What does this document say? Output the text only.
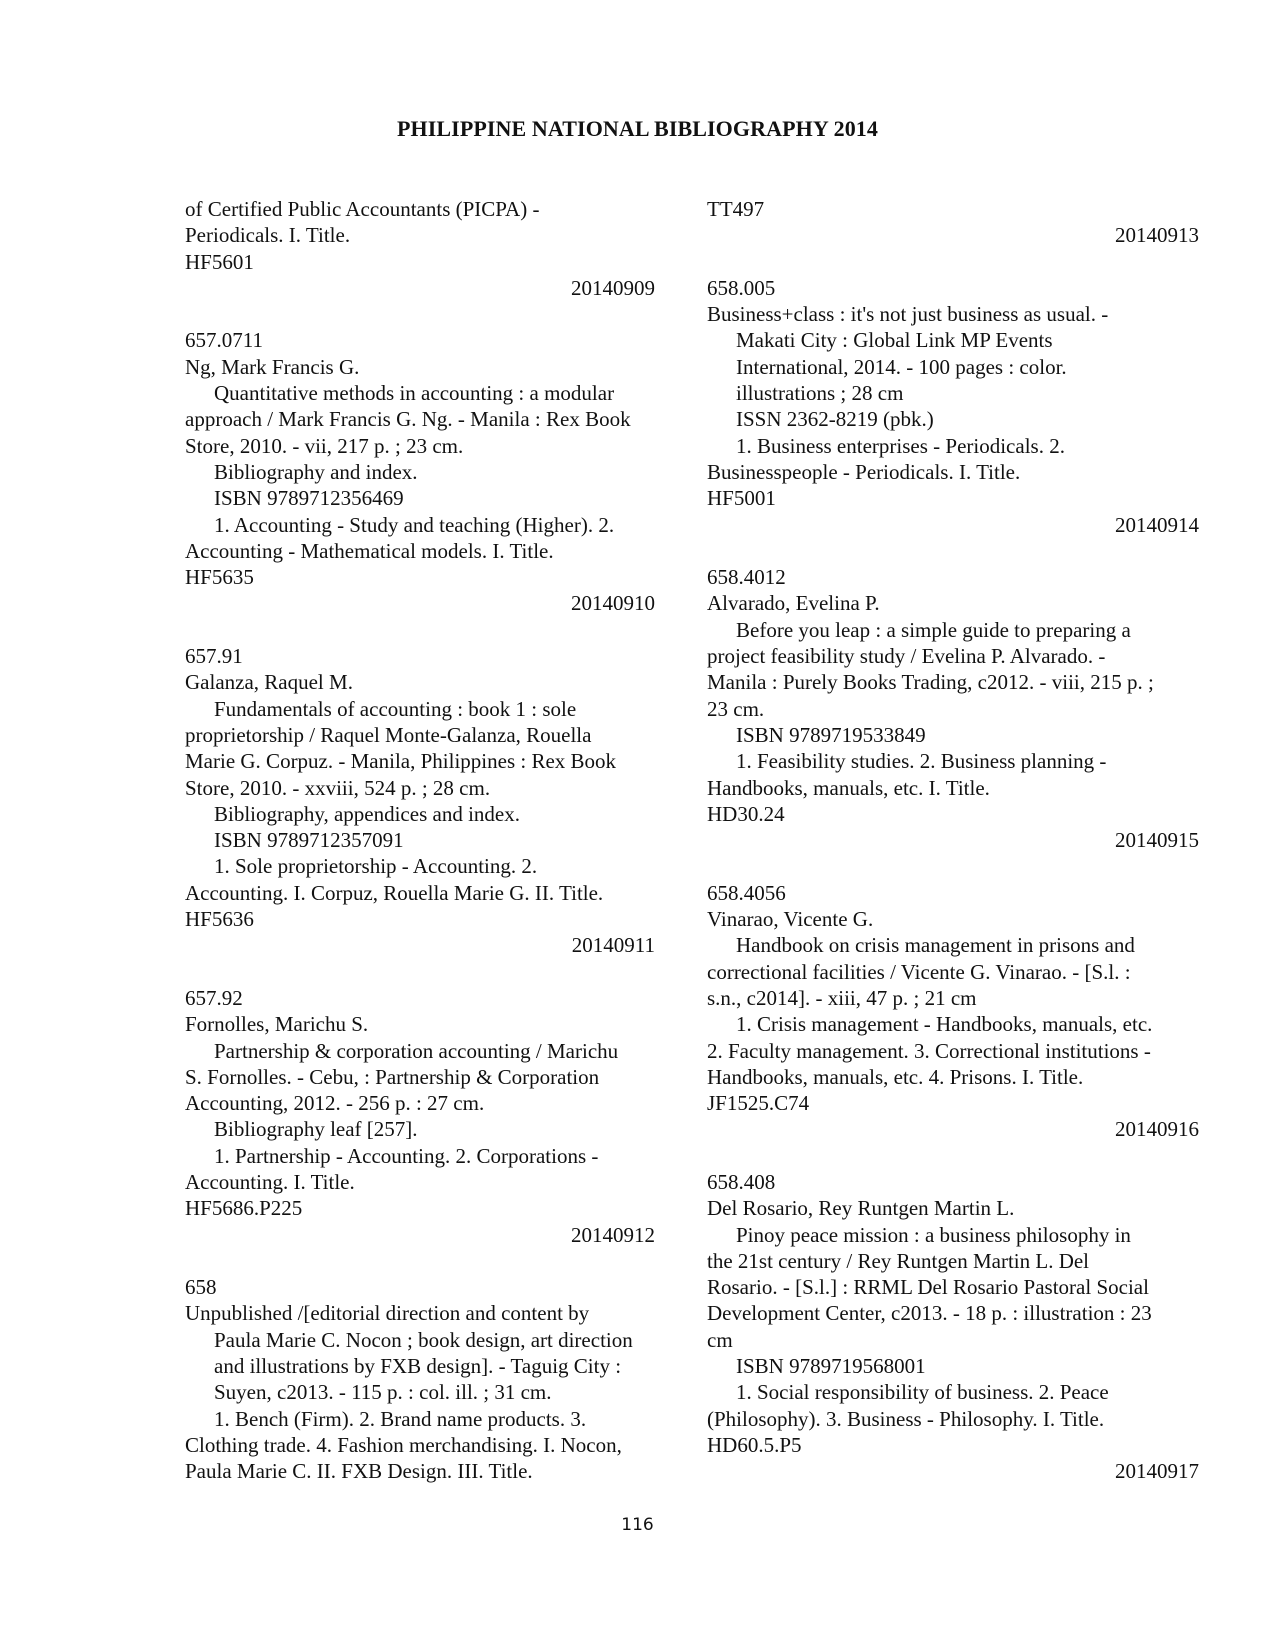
PHILIPPINE NATIONAL BIBLIOGRAPHY 2014
of Certified Public Accountants (PICPA) -
Periodicals. I. Title.
HF5601
20140909
657.0711
Ng, Mark Francis G.
Quantitative methods in accounting : a modular
approach / Mark Francis G. Ng. - Manila : Rex Book
Store, 2010. - vii, 217 p. ; 23 cm.
Bibliography and index.
ISBN 9789712356469
1. Accounting - Study and teaching (Higher). 2.
Accounting - Mathematical models. I. Title.
HF5635
20140910
657.91
Galanza, Raquel M.
Fundamentals of accounting : book 1 : sole
proprietorship / Raquel Monte-Galanza, Rouella
Marie G. Corpuz. - Manila, Philippines : Rex Book
Store, 2010. - xxviii, 524 p. ; 28 cm.
Bibliography, appendices and index.
ISBN 9789712357091
1. Sole proprietorship - Accounting. 2.
Accounting. I. Corpuz, Rouella Marie G. II. Title.
HF5636
20140911
657.92
Fornolles, Marichu S.
Partnership & corporation accounting / Marichu
S. Fornolles. - Cebu, : Partnership & Corporation
Accounting, 2012. - 256 p. : 27 cm.
Bibliography leaf [257].
1. Partnership - Accounting. 2. Corporations -
Accounting. I. Title.
HF5686.P225
20140912
658
Unpublished /[editorial direction and content by
Paula Marie C. Nocon ; book design, art direction
and illustrations by FXB design]. - Taguig City :
Suyen, c2013. - 115 p. : col. ill. ; 31 cm.
1. Bench (Firm). 2. Brand name products. 3.
Clothing trade. 4. Fashion merchandising. I. Nocon,
Paula Marie C. II. FXB Design. III. Title.
TT497
20140913
658.005
Business+class : it's not just business as usual. -
Makati City : Global Link MP Events
International, 2014. - 100 pages : color.
illustrations ; 28 cm
ISSN 2362-8219 (pbk.)
1. Business enterprises - Periodicals. 2.
Businesspeople - Periodicals. I. Title.
HF5001
20140914
658.4012
Alvarado, Evelina P.
Before you leap : a simple guide to preparing a
project feasibility study / Evelina P. Alvarado. -
Manila : Purely Books Trading, c2012. - viii, 215 p. ;
23 cm.
ISBN 9789719533849
1. Feasibility studies. 2. Business planning -
Handbooks, manuals, etc. I. Title.
HD30.24
20140915
658.4056
Vinarao, Vicente G.
Handbook on crisis management in prisons and
correctional facilities / Vicente G. Vinarao. - [S.l. :
s.n., c2014]. - xiii, 47 p. ; 21 cm
1. Crisis management - Handbooks, manuals, etc.
2. Faculty management. 3. Correctional institutions -
Handbooks, manuals, etc. 4. Prisons. I. Title.
JF1525.C74
20140916
658.408
Del Rosario, Rey Runtgen Martin L.
Pinoy peace mission : a business philosophy in
the 21st century / Rey Runtgen Martin L. Del
Rosario. - [S.l.] : RRML Del Rosario Pastoral Social
Development Center, c2013. - 18 p. : illustration : 23
cm
ISBN 9789719568001
1. Social responsibility of business. 2. Peace
(Philosophy). 3. Business - Philosophy. I. Title.
HD60.5.P5
20140917
116
